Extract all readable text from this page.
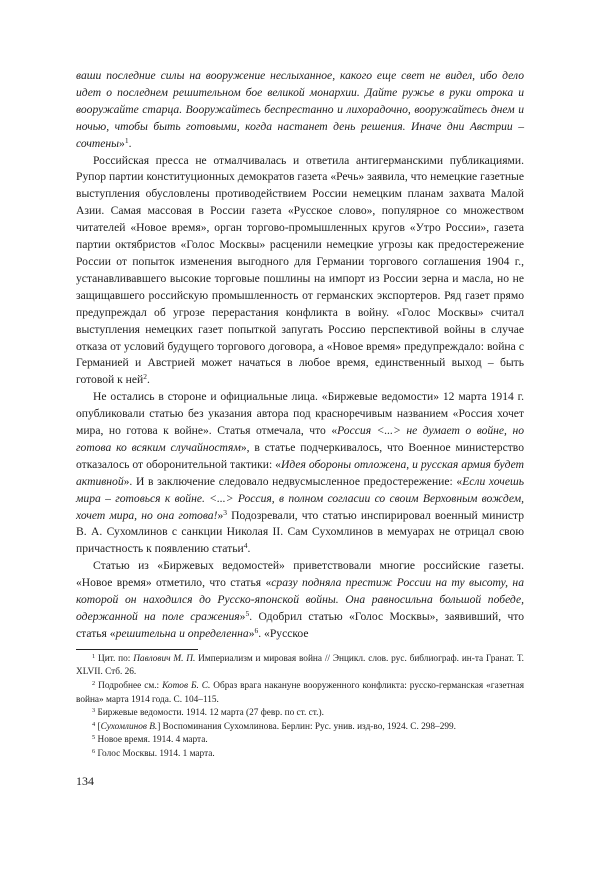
ваши последние силы на вооружение неслыханное, какого еще свет не видел, ибо дело идет о последнем решительном бое великой монархии. Дайте ружье в руки отрока и вооружайте старца. Вооружайтесь беспрестанно и лихорадочно, вооружайтесь днем и ночью, чтобы быть готовыми, когда настанет день решения. Иначе дни Австрии – сочтены»$^1$.

Российская пресса не отмалчивалась и ответила антигерманскими публикациями. Рупор партии конституционных демократов газета «Речь» заявила, что немецкие газетные выступления обусловлены противодействием России немецким планам захвата Малой Азии. Самая массовая в России газета «Русское слово», популярное со множеством читателей «Новое время», орган торгово-промышленных кругов «Утро России», газета партии октябристов «Голос Москвы» расценили немецкие угрозы как предостережение России от попыток изменения выгодного для Германии торгового соглашения 1904 г., устанавливавшего высокие торговые пошлины на импорт из России зерна и масла, но не защищавшего российскую промышленность от германских экспортеров. Ряд газет прямо предупреждал об угрозе перерастания конфликта в войну. «Голос Москвы» считал выступления немецких газет попыткой запугать Россию перспективой войны в случае отказа от условий будущего торгового договора, а «Новое время» предупреждало: война с Германией и Австрией может начаться в любое время, единственный выход – быть готовой к ней$^2$.

Не остались в стороне и официальные лица. «Биржевые ведомости» 12 марта 1914 г. опубликовали статью без указания автора под красноречивым названием «Россия хочет мира, но готова к войне». Статья отмечала, что «Россия <...> не думает о войне, но готова ко всяким случайностям», в статье подчеркивалось, что Военное министерство отказалось от оборонительной тактики: «Идея обороны отложена, и русская армия будет активной». И в заключение следовало недвусмысленное предостережение: «Если хочешь мира – готовься к войне. <...> Россия, в полном согласии со своим Верховным вождем, хочет мира, но она готова!»$^3$ Подозревали, что статью инспирировал военный министр В. А. Сухомлинов с санкции Николая II. Сам Сухомлинов в мемуарах не отрицал свою причастность к появлению статьи$^4$.

Статью из «Биржевых ведомостей» приветствовали многие российские газеты. «Новое время» отметило, что статья «сразу подняла престиж России на ту высоту, на которой он находился до Русско-японской войны. Она равносильна большой победе, одержанной на поле сражения»$^5$. Одобрил статью «Голос Москвы», заявивший, что статья «решительна и определенна»$^6$. «Русское

$^1$ Цит. по: Павлович М. П. Империализм и мировая война // Энцикл. слов. рус. библиограф. ин-та Гранат. Т. XLVII. Стб. 26.

$^2$ Подробнее см.: Котов Б. С. Образ врага накануне вооруженного конфликта: русско-германская «газетная война» марта 1914 года. С. 104–115.

$^3$ Биржевые ведомости. 1914. 12 марта (27 февр. по ст. ст.).

$^4$ [Сухомлинов В.] Воспоминания Сухомлинова. Берлин: Рус. унив. изд-во, 1924. С. 298–299.

$^5$ Новое время. 1914. 4 марта.

$^6$ Голос Москвы. 1914. 1 марта.

134
